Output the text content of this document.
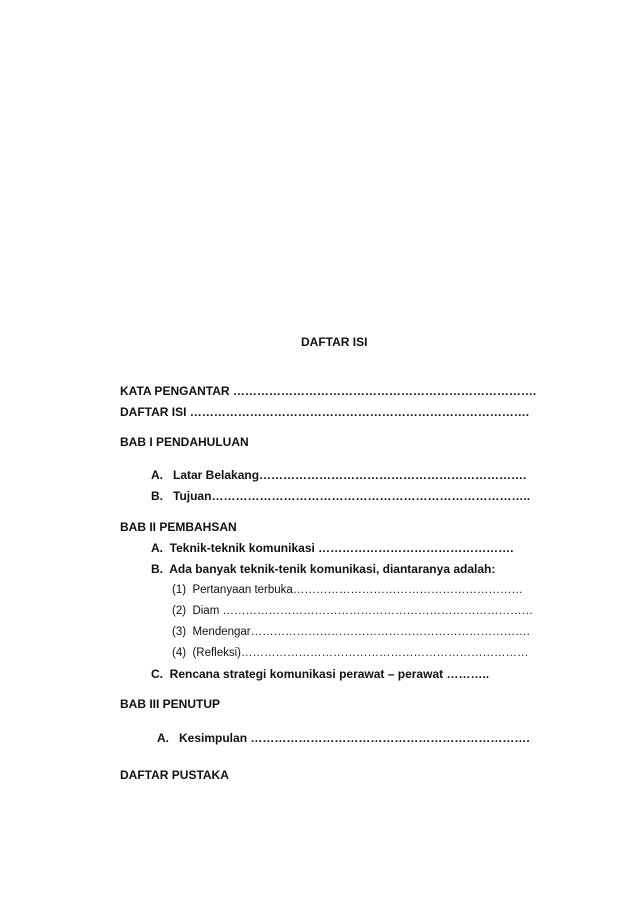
DAFTAR ISI
KATA PENGANTAR ………………………………………………………………….
DAFTAR ISI ………………………………………………………………………….
BAB I PENDAHULUAN
A.   Latar Belakang………………………………………………………….
B.   Tujuan……………………………………………………………………..
BAB II PEMBAHSAN
A.  Teknik-teknik komunikasi ………………………………………….
B.  Ada banyak teknik-tenik komunikasi, diantaranya adalah:
(1)  Pertanyaan terbuka……………………………………………………
(2)  Diam ………………………………………………………………………
(3)  Mendengar……………………………………………………………….
(4)  (Refleksi)…………………………………………………………………
C.  Rencana strategi komunikasi perawat – perawat ………..
BAB III PENUTUP
A.   Kesimpulan …………………………………………………………….
DAFTAR PUSTAKA
